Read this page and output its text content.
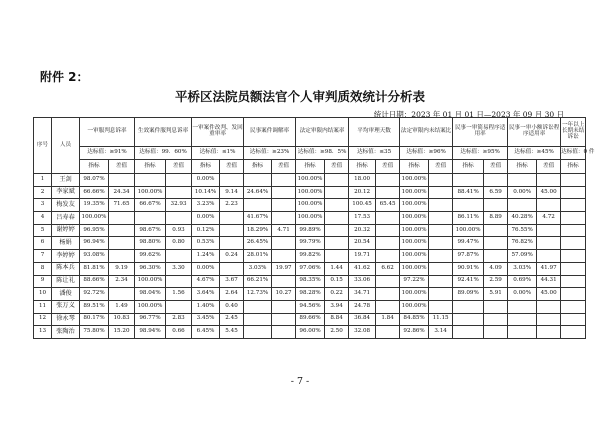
附件 2：
平桥区法院员额法官个人审判质效统计分析表
统计日期：2023 年 01 月 01 日—2023 年 09 月 30 日
序号	人员	一审服判息诉率		生效案件服判息诉率		一审案件改判、发回重审率		民事案件调解率		法定审限内结案率		平均审理天数		法定审限内未结案比		民事一审简易程序适用率		民事一审小额诉讼程序适用率		一年以上长期未结诉讼
		达标值：≥91%		达标值：99．60%		达标值：≤1%		达标值：≥23%		达标值：≥98．5%		达标值：≤35		达标值：≥96%		达标值：≥95%		达标值：≥45%		达标值：0 件
		指标	差值	指标	差值	指标	差值	指标	差值	指标	差值	指标	差值	指标	差值	指标	差值	指标	差值	指标
1	王剑	98.07%				0.00%				100.00%		18.00		100.00%						
2	李家斌	66.66%	24.34	100.00%		10.14%	9.14	24.64%		100.00%		20.12		100.00%		88.41%	6.59	0.00%	45.00	
3	梅发友	19.35%	71.65	66.67%	32.93	3.23%	2.23			100.00%		100.45	65.45	100.00%						
4	吕寿春	100.00%				0.00%		41.67%		100.00%		17.53		100.00%		86.11%	8.89	40.28%	4.72	
5	谢婷婷	96.95%		98.67%	0.93	0.12%		18.29%	4.71	99.89%		20.32		100.00%		100.00%		76.55%		
6	杨娟	96.94%		98.80%	0.80	0.53%		26.45%		99.79%		20.54		100.00%		99.47%		76.82%		
7	李婷婷	93.08%		99.62%		1.24%	0.24	28.01%		99.82%		19.71		100.00%		97.87%		57.09%		
8	陈本兵	81.81%	9.19	96.30%	3.30	0.00%		3.03%	19.97	97.06%	1.44	41.62	6.62	100.00%		90.91%	4.09	3.03%	41.97	
9	陈让礼	88.66%	2.34	100.00%		4.67%	3.67	66.21%		98.35%	0.15	33.06		97.22%		92.41%	2.59	0.69%	44.31	
10	潘俊	92.72%		98.04%	1.56	3.64%	2.64	12.73%	10.27	98.28%	0.22	34.71		100.00%		89.09%	5.91	0.00%	45.00	
11	张万义	89.51%	1.49	100.00%		1.40%	0.40			94.56%	3.94	24.78		100.00%						
12	徐永琴	80.17%	10.83	96.77%	2.83	3.45%	2.45			89.66%	8.84	36.84	1.84	84.85%	11.15					
13	张陶治	75.80%	15.20	98.94%	0.66	6.45%	5.45			96.00%	2.50	32.08		92.86%	3.14					
- 7 -
